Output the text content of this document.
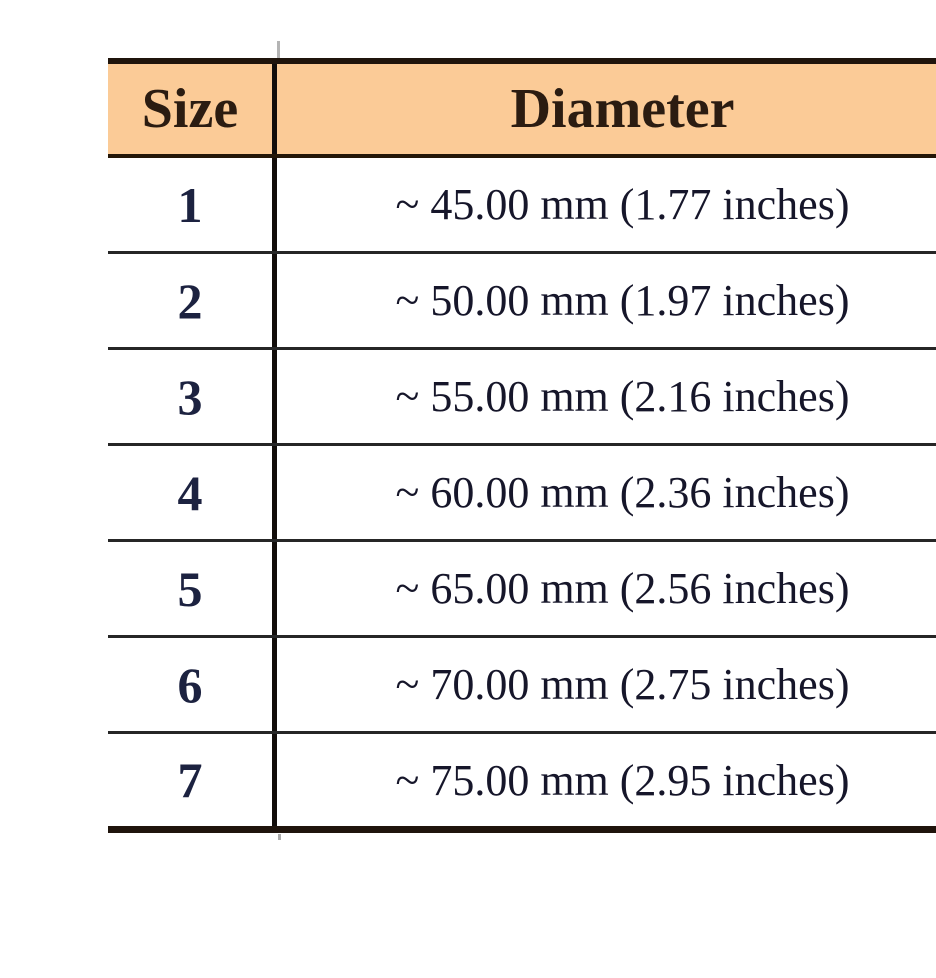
Size	Diameter
1	~ 45.00 mm (1.77 inches)
2	~ 50.00 mm (1.97 inches)
3	~ 55.00 mm (2.16 inches)
4	~ 60.00 mm (2.36 inches)
5	~ 65.00 mm (2.56 inches)
6	~ 70.00 mm (2.75 inches)
7	~ 75.00 mm (2.95 inches)
